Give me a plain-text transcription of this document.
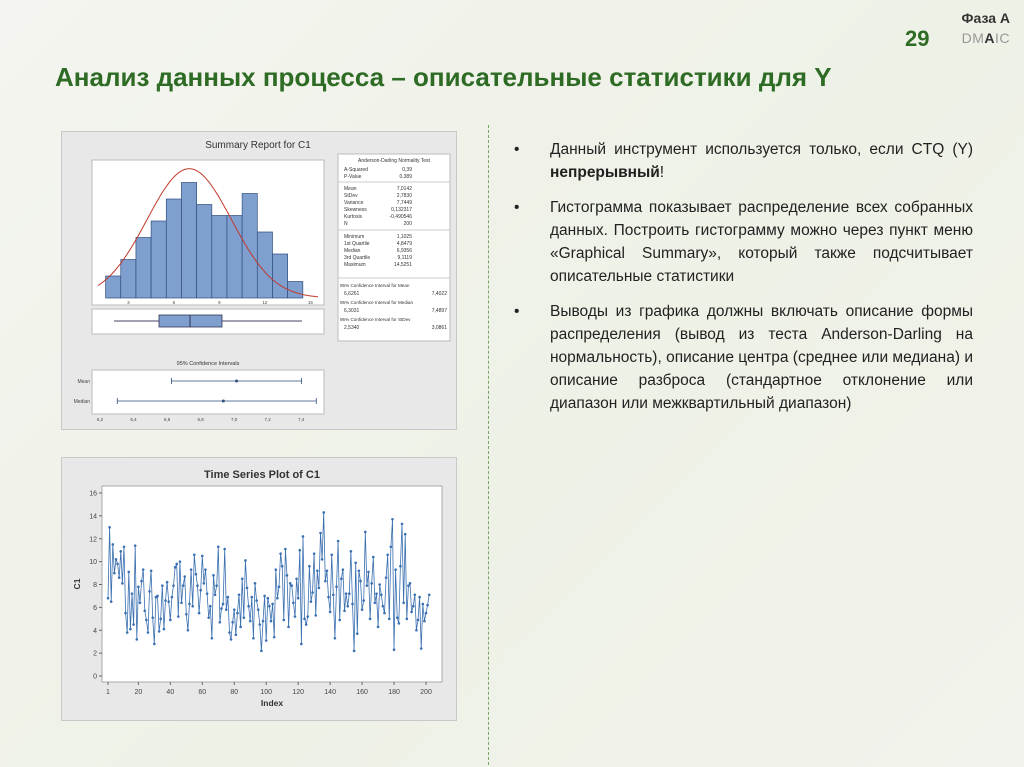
29
Фаза А
DMAIC
Анализ данных процесса – описательные статистики для Y
Summary Report for C1
3	6	9	12	15
95% Confidence Intervals
Mean
Median
6,2	6,4	6,6	6,8	7,0	7,2	7,4
Anderson-Darling Normality Test
A-Squared	0,39
P-Value	0,389
Mean	7,0142
StDev	2,7830
Variance	7,7449
Skewness	0,132317
Kurtosis	-0,490546
N	200
Minimum	1,1025
1st Quartile	4,8479
Median	6,9356
3rd Quartile	9,1119
Maximum	14,5251
95% Confidence Interval for Mean
6,6261	7,4022
95% Confidence Interval for Median
6,3031	7,4897
95% Confidence Interval for StDev
2,5340	3,0861
Time Series Plot of C1
1	20	40	60	80	100	120	140	160	180	200
0
2
4
6
8
10
12
14
16
Index
C1
• Данный инструмент используется только, если CTQ (Y) непрерывный!
• Гистограмма показывает распределение всех собранных данных. Построить гистограмму можно через пункт меню «Graphical Summary», который также подсчитывает описательные статистики
• Выводы из графика должны включать описание формы распределения (вывод из теста Anderson-Darling на нормальность), описание центра (среднее или медиана) и описание разброса (стандартное отклонение или диапазон или межквартильный диапазон)
